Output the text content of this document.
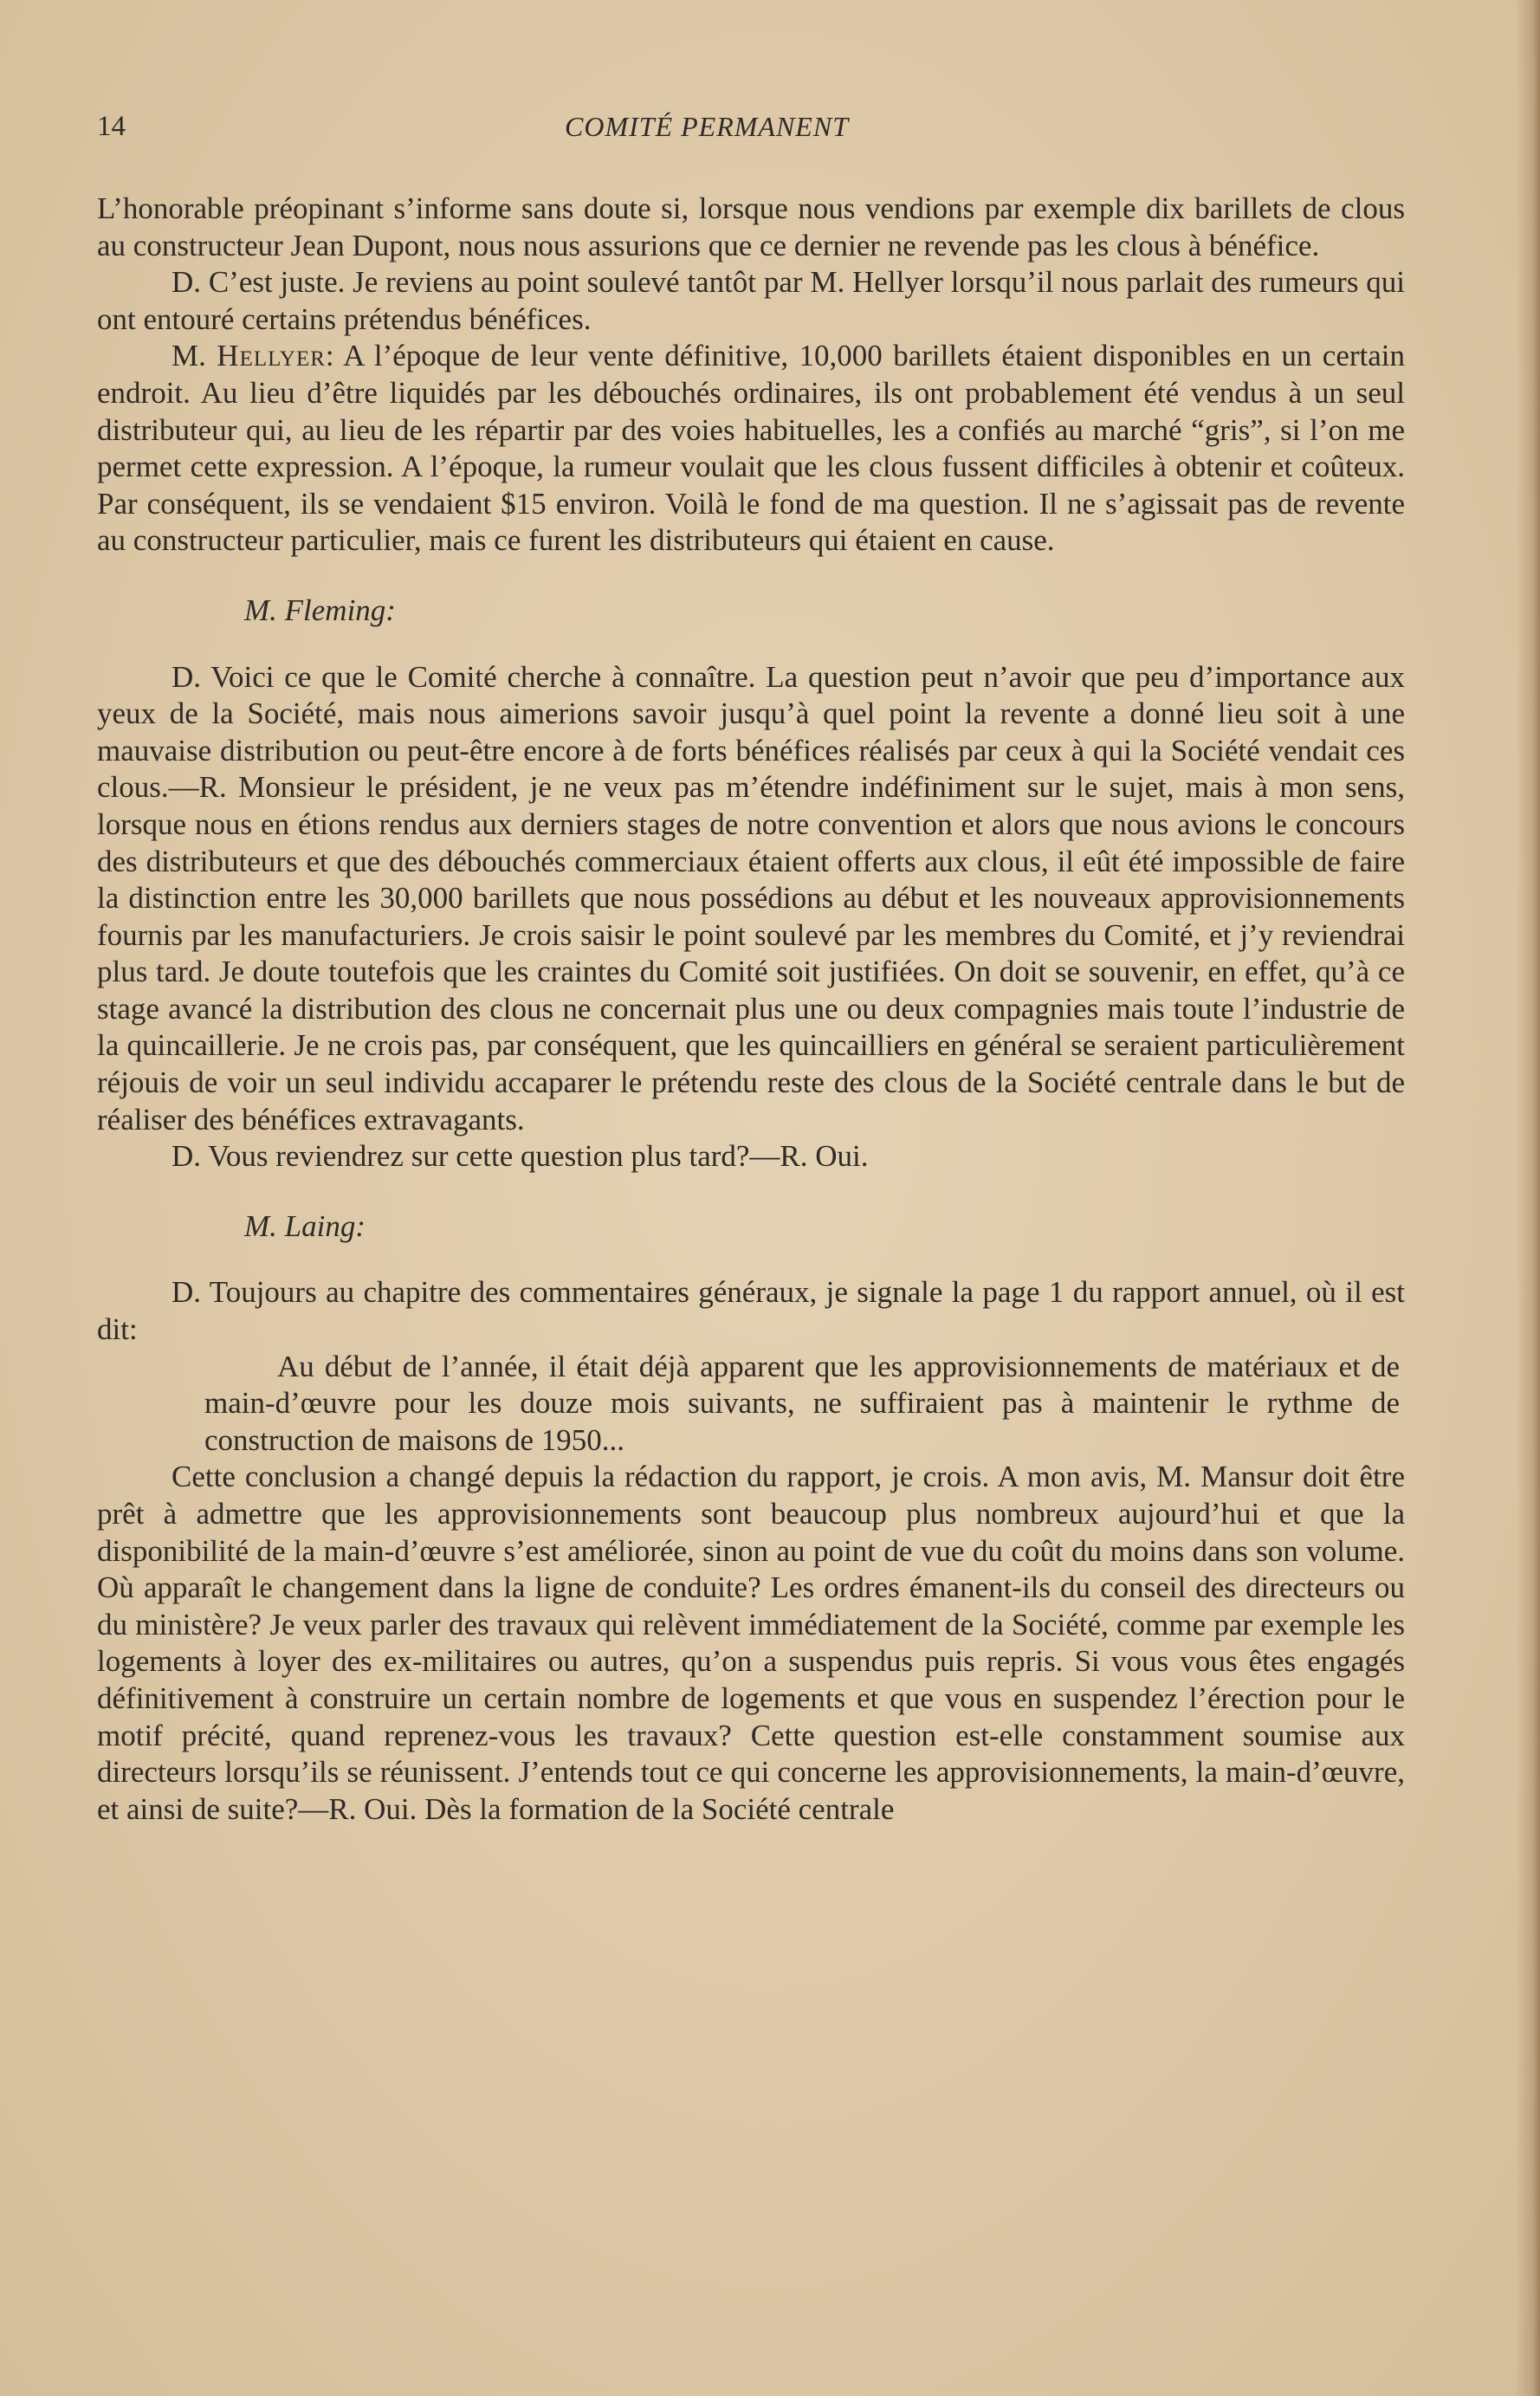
14	COMITÉ PERMANENT

L’honorable préopinant s’informe sans doute si, lorsque nous vendions par exemple dix barillets de clous au constructeur Jean Dupont, nous nous assurions que ce dernier ne revende pas les clous à bénéfice.

D. C’est juste. Je reviens au point soulevé tantôt par M. Hellyer lorsqu’il nous parlait des rumeurs qui ont entouré certains prétendus bénéfices.

M. Hellyer: A l’époque de leur vente définitive, 10,000 barillets étaient disponibles en un certain endroit. Au lieu d’être liquidés par les débouchés ordinaires, ils ont probablement été vendus à un seul distributeur qui, au lieu de les répartir par des voies habituelles, les a confiés au marché “gris”, si l’on me permet cette expression. A l’époque, la rumeur voulait que les clous fussent difficiles à obtenir et coûteux. Par conséquent, ils se vendaient $15 environ. Voilà le fond de ma question. Il ne s’agissait pas de revente au constructeur particulier, mais ce furent les distributeurs qui étaient en cause.

M. Fleming:

D. Voici ce que le Comité cherche à connaître. La question peut n’avoir que peu d’importance aux yeux de la Société, mais nous aimerions savoir jusqu’à quel point la revente a donné lieu soit à une mauvaise distribution ou peut-être encore à de forts bénéfices réalisés par ceux à qui la Société vendait ces clous.—R. Monsieur le président, je ne veux pas m’étendre indéfiniment sur le sujet, mais à mon sens, lorsque nous en étions rendus aux derniers stages de notre convention et alors que nous avions le concours des distributeurs et que des débouchés commerciaux étaient offerts aux clous, il eût été impossible de faire la distinction entre les 30,000 barillets que nous possédions au début et les nouveaux approvisionnements fournis par les manufacturiers. Je crois saisir le point soulevé par les membres du Comité, et j’y reviendrai plus tard. Je doute toutefois que les craintes du Comité soit justifiées. On doit se souvenir, en effet, qu’à ce stage avancé la distribution des clous ne concernait plus une ou deux compagnies mais toute l’industrie de la quincaillerie. Je ne crois pas, par conséquent, que les quincailliers en général se seraient particulièrement réjouis de voir un seul individu accaparer le prétendu reste des clous de la Société centrale dans le but de réaliser des bénéfices extravagants.

D. Vous reviendrez sur cette question plus tard?—R. Oui.

M. Laing:

D. Toujours au chapitre des commentaires généraux, je signale la page 1 du rapport annuel, où il est dit:

Au début de l’année, il était déjà apparent que les approvisionnements de matériaux et de main-d’œuvre pour les douze mois suivants, ne suffiraient pas à maintenir le rythme de construction de maisons de 1950...

Cette conclusion a changé depuis la rédaction du rapport, je crois. A mon avis, M. Mansur doit être prêt à admettre que les approvisionnements sont beaucoup plus nombreux aujourd’hui et que la disponibilité de la main-d’œuvre s’est améliorée, sinon au point de vue du coût du moins dans son volume. Où apparaît le changement dans la ligne de conduite? Les ordres émanent-ils du conseil des directeurs ou du ministère? Je veux parler des travaux qui relèvent immédiatement de la Société, comme par exemple les logements à loyer des ex-militaires ou autres, qu’on a suspendus puis repris. Si vous vous êtes engagés définitivement à construire un certain nombre de logements et que vous en suspendez l’érection pour le motif précité, quand reprenez-vous les travaux? Cette question est-elle constamment soumise aux directeurs lorsqu’ils se réunissent. J’entends tout ce qui concerne les approvisionnements, la main-d’œuvre, et ainsi de suite?—R. Oui. Dès la formation de la Société centrale
